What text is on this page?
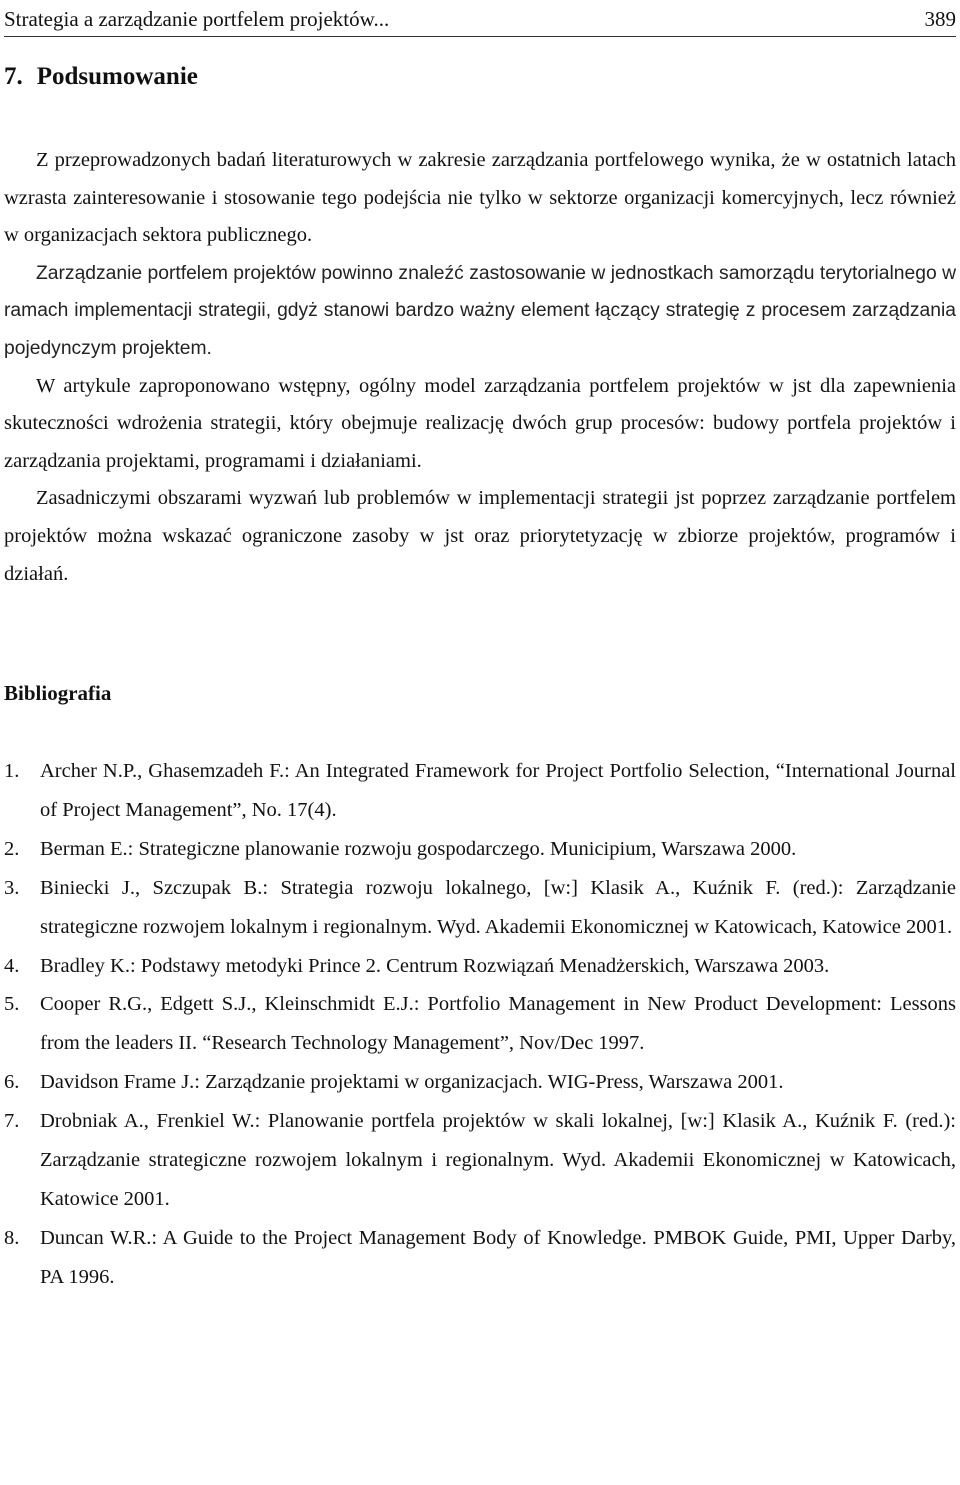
Strategia a zarządzanie portfelem projektów...	389
7. Podsumowanie

Z przeprowadzonych badań literaturowych w zakresie zarządzania portfelowego wynika, że w ostatnich latach wzrasta zainteresowanie i stosowanie tego podejścia nie tylko w sektorze organizacji komercyjnych, lecz również w organizacjach sektora publicznego.

Zarządzanie portfelem projektów powinno znaleźć zastosowanie w jednostkach samorządu terytorialnego w ramach implementacji strategii, gdyż stanowi bardzo ważny element łączący strategię z procesem zarządzania pojedynczym projektem.

W artykule zaproponowano wstępny, ogólny model zarządzania portfelem projektów w jst dla zapewnienia skuteczności wdrożenia strategii, który obejmuje realizację dwóch grup procesów: budowy portfela projektów i zarządzania projektami, programami i działaniami.

Zasadniczymi obszarami wyzwań lub problemów w implementacji strategii jst poprzez zarządzanie portfelem projektów można wskazać ograniczone zasoby w jst oraz priorytetyzację w zbiorze projektów, programów i działań.

Bibliografia
1.	Archer N.P., Ghasemzadeh F.: An Integrated Framework for Project Portfolio Selection, “International Journal of Project Management”, No. 17(4).
2.	Berman E.: Strategiczne planowanie rozwoju gospodarczego. Municipium, Warszawa 2000.
3.	Biniecki J., Szczupak B.: Strategia rozwoju lokalnego, [w:] Klasik A., Kuźnik F. (red.): Zarządzanie strategiczne rozwojem lokalnym i regionalnym. Wyd. Akademii Ekonomicznej w Katowicach, Katowice 2001.
4.	Bradley K.: Podstawy metodyki Prince 2. Centrum Rozwiązań Menadżerskich, Warszawa 2003.
5.	Cooper R.G., Edgett S.J., Kleinschmidt E.J.: Portfolio Management in New Product Development: Lessons from the leaders II. “Research Technology Management”, Nov/Dec 1997.
6.	Davidson Frame J.: Zarządzanie projektami w organizacjach. WIG-Press, Warszawa 2001.
7.	Drobniak A., Frenkiel W.: Planowanie portfela projektów w skali lokalnej, [w:] Klasik A., Kuźnik F. (red.): Zarządzanie strategiczne rozwojem lokalnym i regionalnym. Wyd. Akademii Ekonomicznej w Katowicach, Katowice 2001.
8.	Duncan W.R.: A Guide to the Project Management Body of Knowledge. PMBOK Guide, PMI, Upper Darby, PA 1996.
